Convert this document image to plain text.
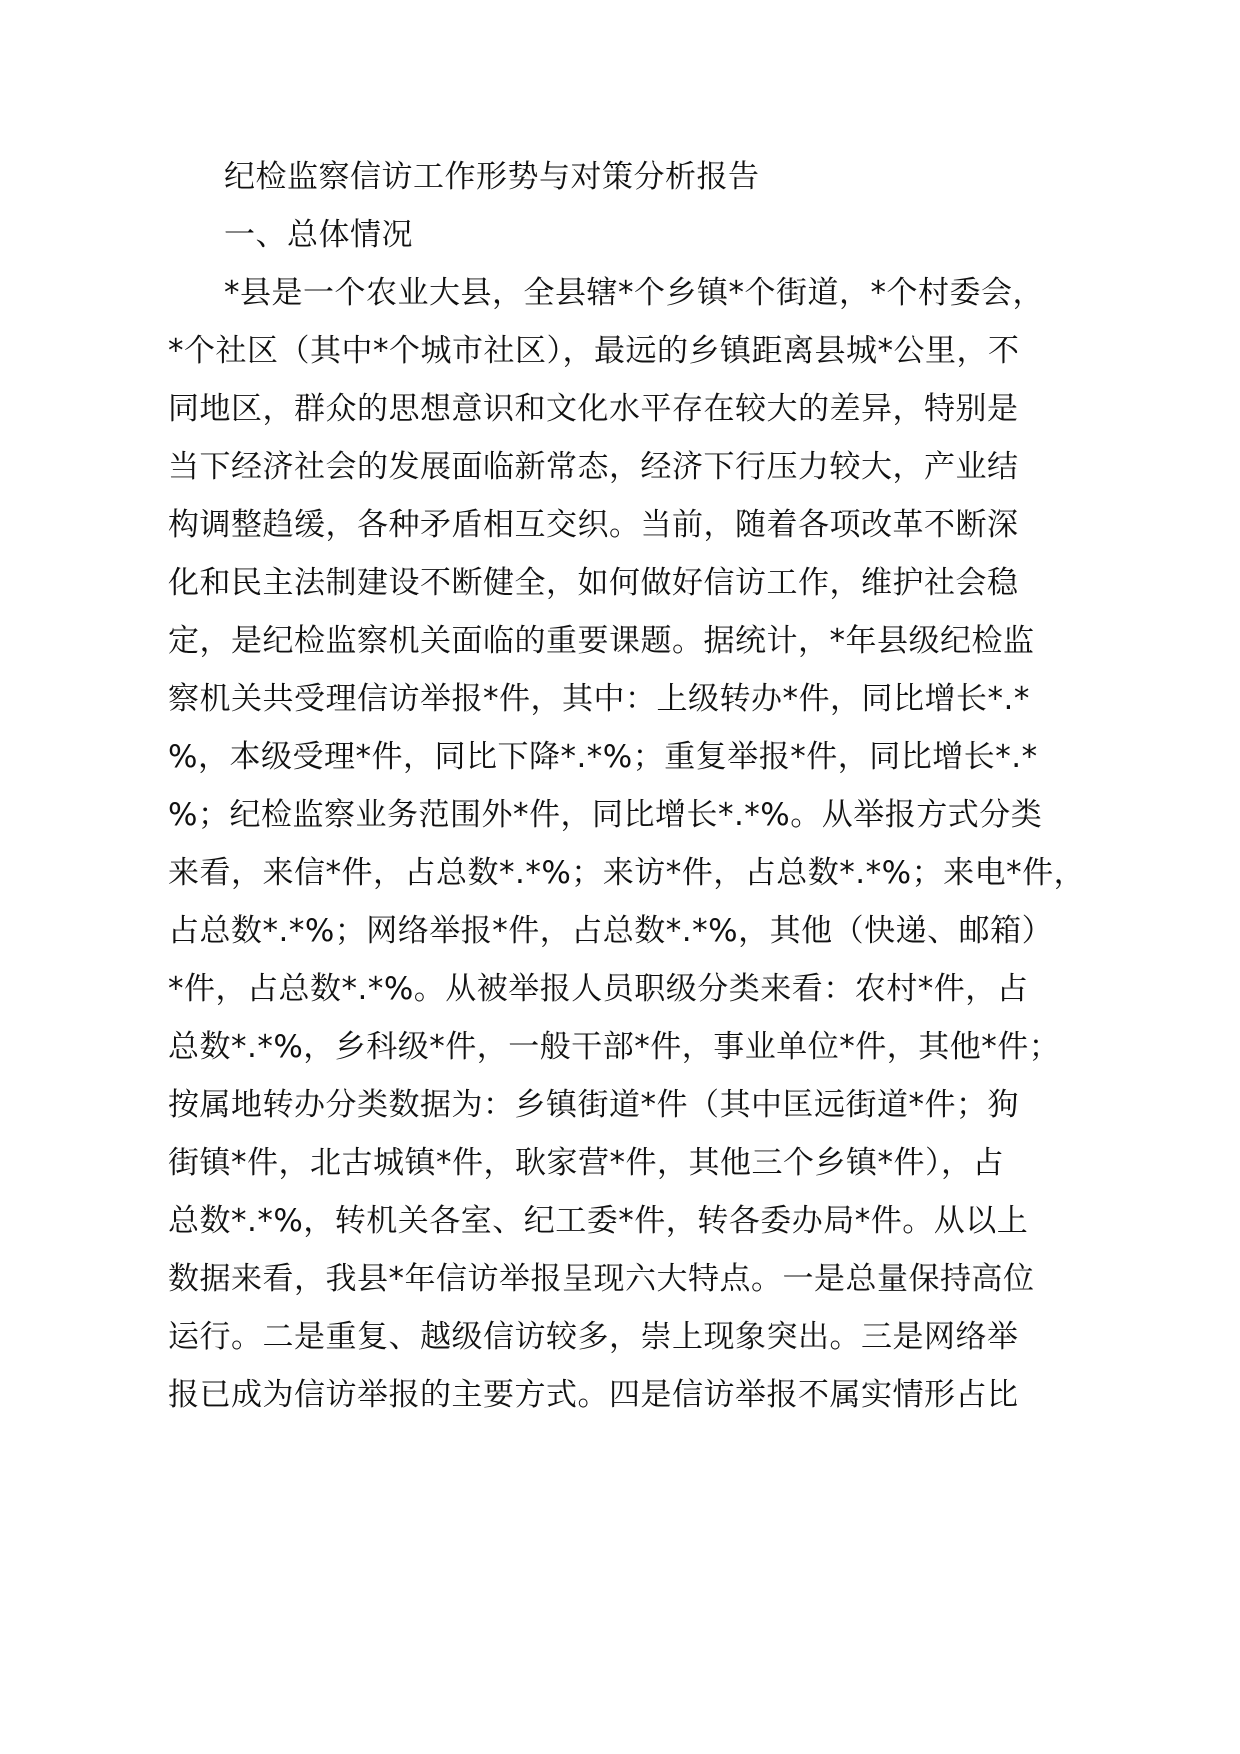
纪检监察信访工作形势与对策分析报告
一、总体情况
*县是一个农业大县，全县辖*个乡镇*个街道，*个村委会，
*个社区（其中*个城市社区），最远的乡镇距离县城*公里，不
同地区，群众的思想意识和文化水平存在较大的差异，特别是
当下经济社会的发展面临新常态，经济下行压力较大，产业结
构调整趋缓，各种矛盾相互交织。当前，随着各项改革不断深
化和民主法制建设不断健全，如何做好信访工作，维护社会稳
定，是纪检监察机关面临的重要课题。据统计，*年县级纪检监
察机关共受理信访举报*件，其中：上级转办*件，同比增长*.*
%，本级受理*件，同比下降*.*%；重复举报*件，同比增长*.*
%；纪检监察业务范围外*件，同比增长*.*%。从举报方式分类
来看，来信*件，占总数*.*%；来访*件，占总数*.*%；来电*件，
占总数*.*%；网络举报*件，占总数*.*%，其他（快递、邮箱）
*件，占总数*.*%。从被举报人员职级分类来看：农村*件，占
总数*.*%，乡科级*件，一般干部*件，事业单位*件，其他*件；
按属地转办分类数据为：乡镇街道*件（其中匡远街道*件；狗
街镇*件，北古城镇*件，耿家营*件，其他三个乡镇*件），占
总数*.*%，转机关各室、纪工委*件，转各委办局*件。从以上
数据来看，我县*年信访举报呈现六大特点。一是总量保持高位
运行。二是重复、越级信访较多，崇上现象突出。三是网络举
报已成为信访举报的主要方式。四是信访举报不属实情形占比
